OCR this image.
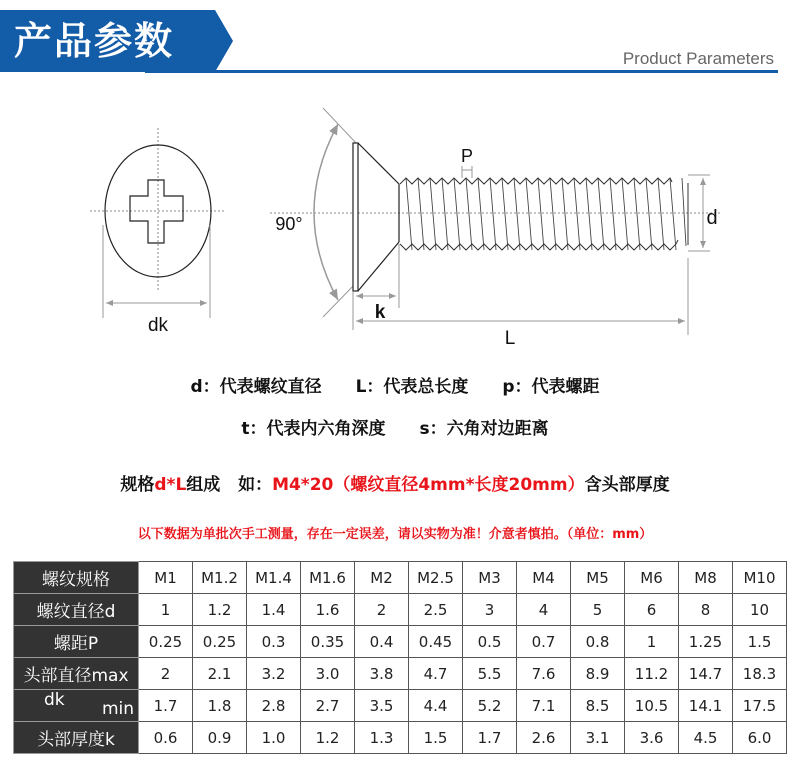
产品参数	Product Parameters
dk
90°
P
d
k
L
d：代表螺纹直径 L：代表总长度 p：代表螺距
t：代表内六角深度 s：六角对边距离
规格d*L组成 如：M4*20（螺纹直径4mm*长度20mm）含头部厚度
以下数据为单批次手工测量，存在一定误差，请以实物为准！介意者慎拍。（单位：mm）
螺纹规格	M1	M1.2	M1.4	M1.6	M2	M2.5	M3	M4	M5	M6	M8	M10
螺纹直径d	1	1.2	1.4	1.6	2	2.5	3	4	5	6	8	10
螺距P	0.25	0.25	0.3	0.35	0.4	0.45	0.5	0.7	0.8	1	1.25	1.5
头部直径max	2	2.1	3.2	3.0	3.8	4.7	5.5	7.6	8.9	11.2	14.7	18.3

dk min	1.7	1.8	2.8	2.7	3.5	4.4	5.2	7.1	8.5	10.5	14.1	17.5
头部厚度k	0.6	0.9	1.0	1.2	1.3	1.5	1.7	2.6	3.1	3.6	4.5	6.0
